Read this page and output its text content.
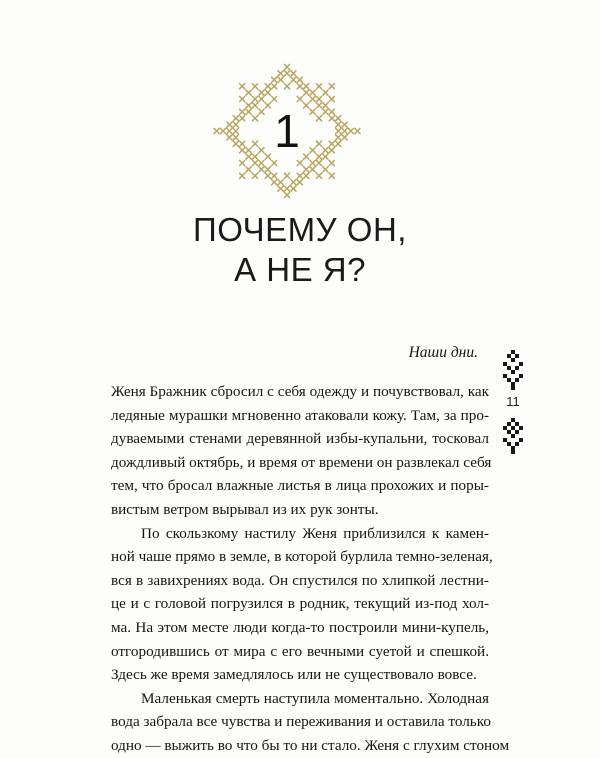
1
ПОЧЕМУ ОН,
А НЕ Я?
Наши дни.
11

Женя Бражник сбросил с себя одежду и почувствовал, как
ледяные мурашки мгновенно атаковали кожу. Там, за про-
дуваемыми стенами деревянной избы-купальни, тосковал
дождливый октябрь, и время от времени он развлекал себя
тем, что бросал влажные листья в лица прохожих и поры-
вистым ветром вырывал из их рук зонты.

По скользкому настилу Женя приблизился к камен-
ной чаше прямо в земле, в которой бурлила темно-зеленая,
вся в завихрениях вода. Он спустился по хлипкой лестни-
це и с головой погрузился в родник, текущий из-под хол-
ма. На этом месте люди когда-то построили мини-купель,
отгородившись от мира с его вечными суетой и спешкой.
Здесь же время замедлялось или не существовало вовсе.

Маленькая смерть наступила моментально. Холодная
вода забрала все чувства и переживания и оставила только
одно — выжить во что бы то ни стало. Женя с глухим стоном
